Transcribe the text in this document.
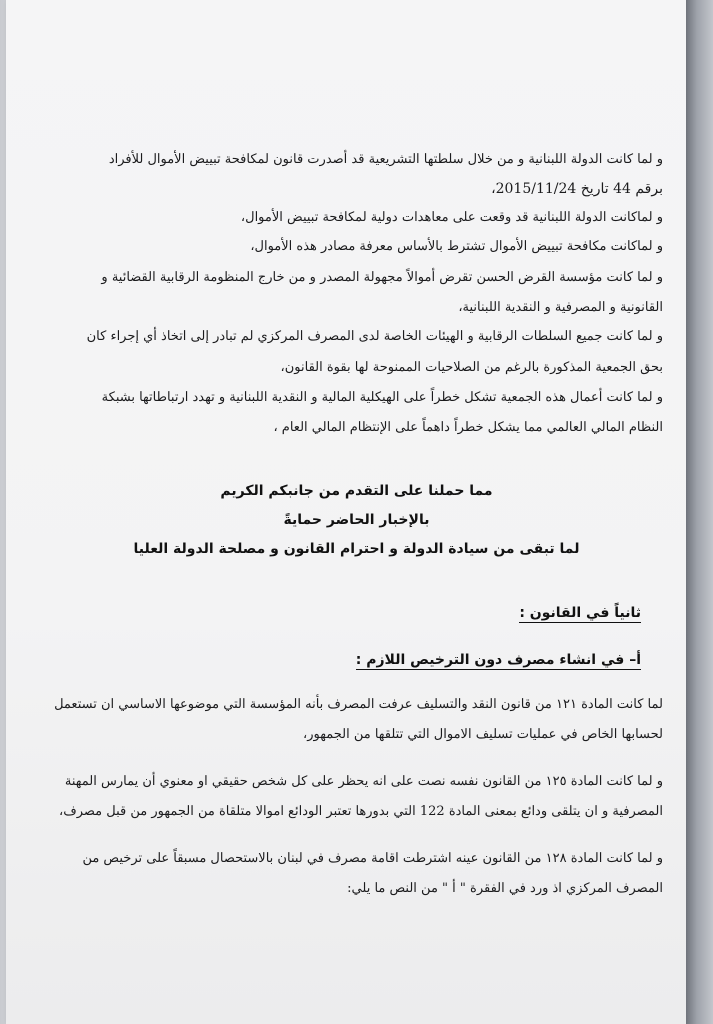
و لما كانت الدولة اللبنانية و من خلال سلطتها التشريعية قد أصدرت قانون لمكافحة تبييض الأموال للأفراد
برقم 44 تاريخ 2015/11/24،
و لماكانت الدولة اللبنانية قد وقعت على معاهدات دولية لمكافحة تبييض الأموال،
و لماكانت مكافحة تبييض الأموال تشترط بالأساس معرفة مصادر هذه الأموال،
و لما كانت مؤسسة القرض الحسن تقرض أموالاً مجهولة المصدر و من خارج المنظومة الرقابية القضائية و
القانونية و المصرفية و النقدية اللبنانية،
و لما كانت جميع السلطات الرقابية و الهيئات الخاصة لدى المصرف المركزي لم تبادر إلى اتخاذ أي إجراء كان
بحق الجمعية المذكورة بالرغم من الصلاحيات الممنوحة لها بقوة القانون،
و لما كانت أعمال هذه الجمعية تشكل خطراً على الهيكلية المالية و النقدية اللبنانية و تهدد ارتباطاتها بشبكة
النظام المالي العالمي مما يشكل خطراً داهماً على الإنتظام المالي العام ،
مما حملنا على التقدم من جانبكم الكريم
بالإخبار الحاضر حمايةً
لما تبقى من سيادة الدولة و احترام القانون و مصلحة الدولة العليا
ثانياً في القانون :
أ– في انشاء مصرف دون الترخيص اللازم :
لما كانت المادة ١٢١ من قانون النقد والتسليف عرفت المصرف بأنه المؤسسة التي موضوعها الاساسي ان تستعمل
لحسابها الخاص في عمليات تسليف الاموال التي تتلقها من الجمهور،
و لما كانت المادة ١٢٥ من القانون نفسه نصت على انه يحظر على كل شخص حقيقي او معنوي أن يمارس المهنة
المصرفية و ان يتلقى ودائع بمعنى المادة 122 التي بدورها تعتبر الودائع اموالا متلقاة من الجمهور من قبل مصرف،
و لما كانت المادة ١٢٨ من القانون عينه اشترطت اقامة مصرف في لبنان بالاستحصال مسبقاً على ترخيص من
المصرف المركزي اذ ورد في الفقرة " أ " من النص ما يلي:
